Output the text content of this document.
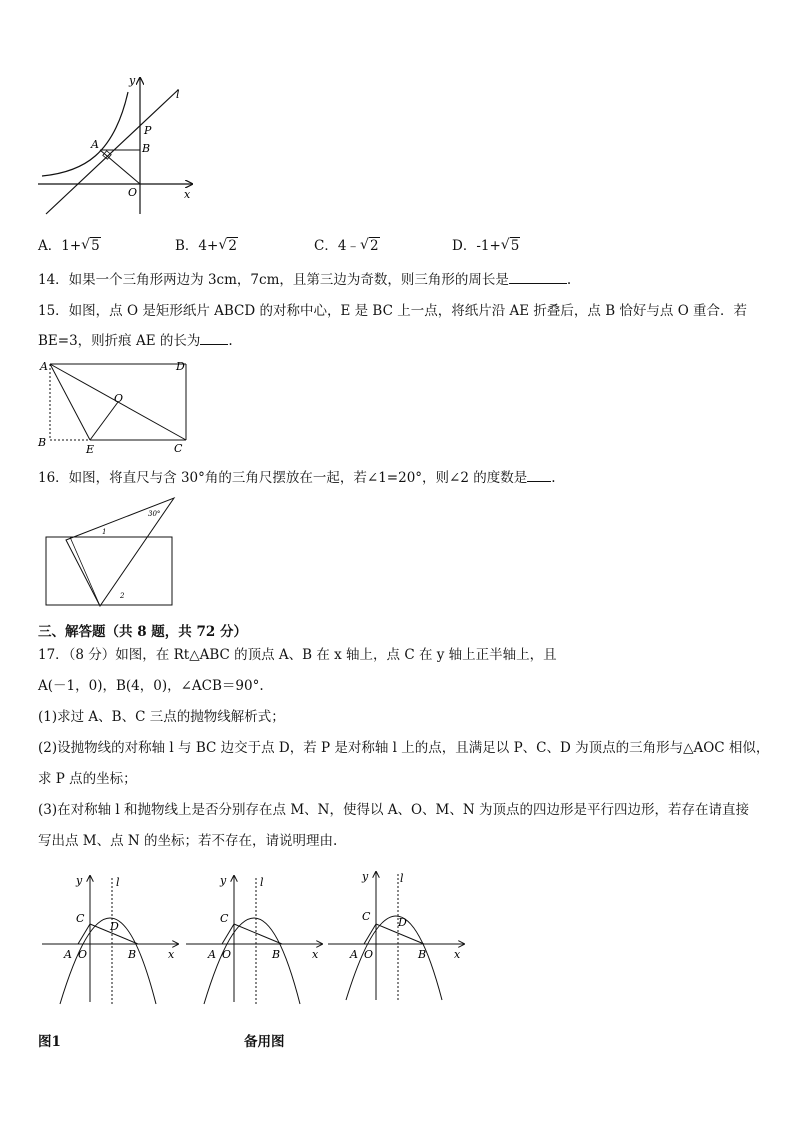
y
l
P
B
A
O	x
A．1+ √ 5	B．4+ √ 2	C．4﹣ √ 2	D．-1+ √ 5
14．如果一个三角形两边为 3cm，7cm，且第三边为奇数，则三角形的周长是	.
15．如图，点 O 是矩形纸片 ABCD 的对称中心，E 是 BC 上一点，将纸片沿 AE 折叠后，点 B 恰好与点 O 重合．若
BE=3，则折痕 AE 的长为 .
A	D
O
B
E	C
16．如图，将直尺与含 30°角的三角尺摆放在一起，若∠1=20°，则∠2 的度数是 .
30°
1
2
三、解答题（共 8 题，共 72 分）
17．（8 分）如图，在 Rt△ABC 的顶点 A、B 在 x 轴上，点 C 在 y 轴上正半轴上，且
A(－1，0)，B(4，0)，∠ACB＝90°.
(1)求过 A、B、C 三点的抛物线解析式；
(2)设抛物线的对称轴 l 与 BC 边交于点 D，若 P 是对称轴 l 上的点，且满足以 P、C、D 为顶点的三角形与△AOC 相似，
求 P 点的坐标；
(3)在对称轴 l 和抛物线上是否分别存在点 M、N，使得以 A、O、M、N 为顶点的四边形是平行四边形，若存在请直接
写出点 M、点 N 的坐标；若不存在，请说明理由.
y	l
C
D
A O	B	x
y	l
C
A O	B	x
y	l
C	D
A O	B	x
图1	备用图
